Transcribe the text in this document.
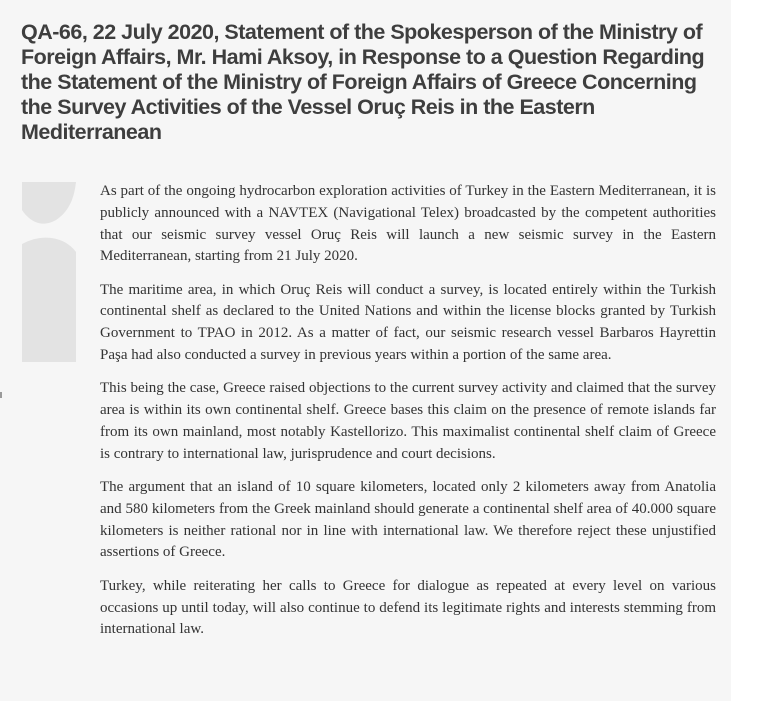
QA-66, 22 July 2020, Statement of the Spokesperson of the Ministry of Foreign Affairs, Mr. Hami Aksoy, in Response to a Question Regarding the Statement of the Ministry of Foreign Affairs of Greece Concerning the Survey Activities of the Vessel Oruç Reis in the Eastern Mediterranean

As part of the ongoing hydrocarbon exploration activities of Turkey in the Eastern Mediterranean, it is publicly announced with a NAVTEX (Navigational Telex) broadcasted by the competent authorities that our seismic survey vessel Oruç Reis will launch a new seismic survey in the Eastern Mediterranean, starting from 21 July 2020.

The maritime area, in which Oruç Reis will conduct a survey, is located entirely within the Turkish continental shelf as declared to the United Nations and within the license blocks granted by Turkish Government to TPAO in 2012. As a matter of fact, our seismic research vessel Barbaros Hayrettin Paşa had also conducted a survey in previous years within a portion of the same area.

This being the case, Greece raised objections to the current survey activity and claimed that the survey area is within its own continental shelf. Greece bases this claim on the presence of remote islands far from its own mainland, most notably Kastellorizo. This maximalist continental shelf claim of Greece is contrary to international law, jurisprudence and court decisions.

The argument that an island of 10 square kilometers, located only 2 kilometers away from Anatolia and 580 kilometers from the Greek mainland should generate a continental shelf area of 40.000 square kilometers is neither rational nor in line with international law. We therefore reject these unjustified assertions of Greece.

Turkey, while reiterating her calls to Greece for dialogue as repeated at every level on various occasions up until today, will also continue to defend its legitimate rights and interests stemming from international law.
